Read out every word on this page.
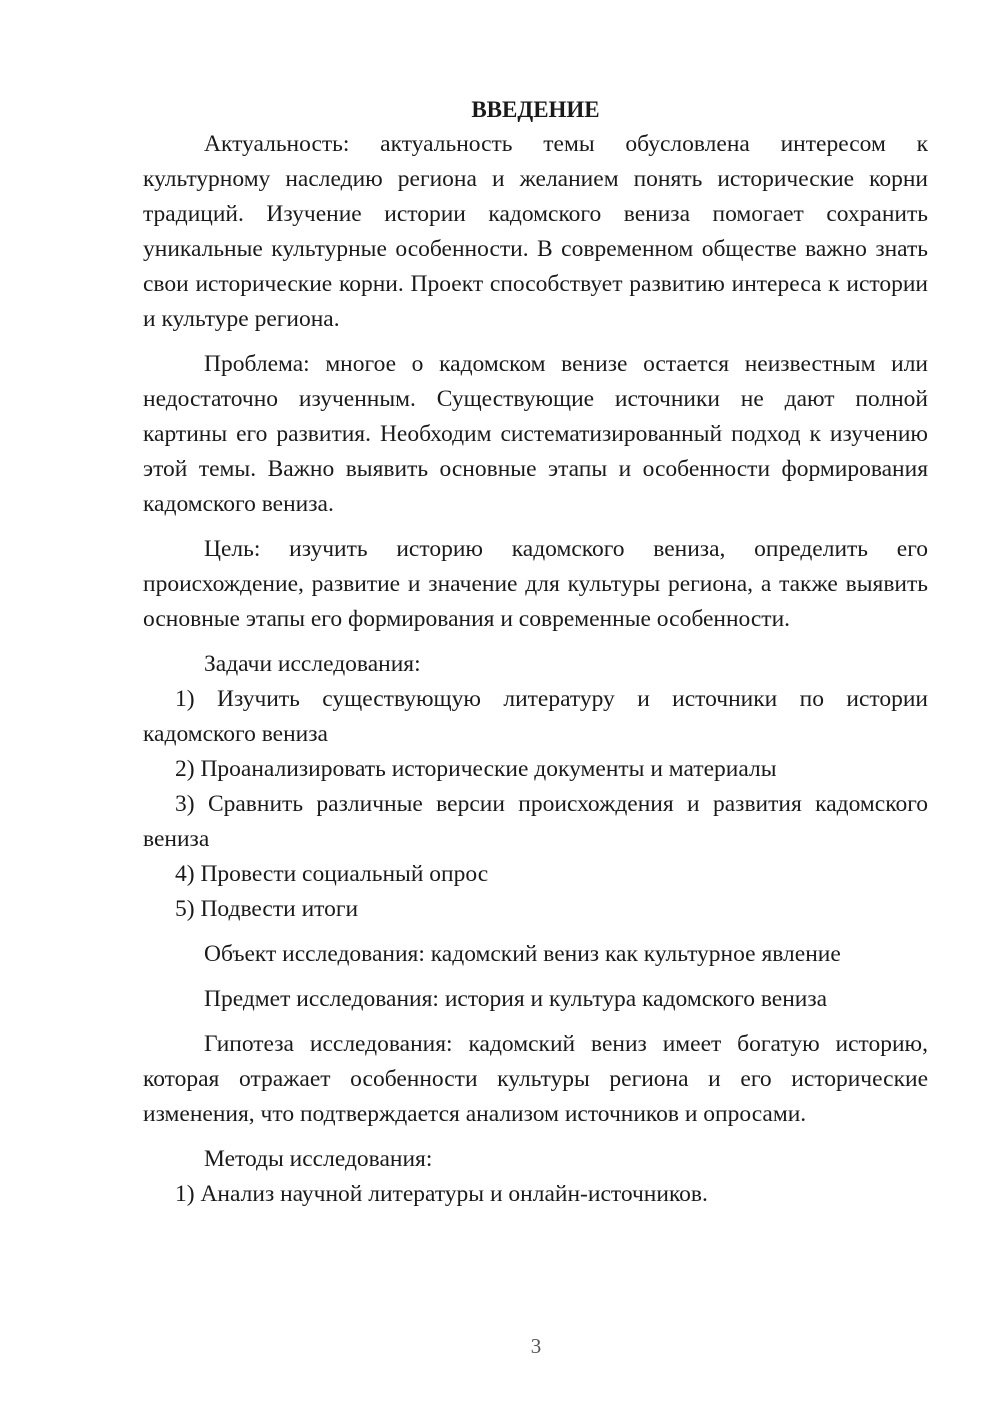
ВВЕДЕНИЕ

Актуальность: актуальность темы обусловлена интересом к культурному наследию региона и желанием понять исторические корни традиций. Изучение истории кадомского вениза помогает сохранить уникальные культурные особенности. В современном обществе важно знать свои исторические корни. Проект способствует развитию интереса к истории и культуре региона.

Проблема: многое о кадомском венизе остается неизвестным или недостаточно изученным. Существующие источники не дают полной картины его развития. Необходим систематизированный подход к изучению этой темы. Важно выявить основные этапы и особенности формирования кадомского вениза.

Цель: изучить историю кадомского вениза, определить его происхождение, развитие и значение для культуры региона, а также выявить основные этапы его формирования и современные особенности.

Задачи исследования:

1) Изучить существующую литературу и источники по истории кадомского вениза

2) Проанализировать исторические документы и материалы

3) Сравнить различные версии происхождения и развития кадомского вениза

4) Провести социальный опрос

5) Подвести итоги

Объект исследования: кадомский вениз как культурное явление

Предмет исследования: история и культура кадомского вениза

Гипотеза исследования: кадомский вениз имеет богатую историю, которая отражает особенности культуры региона и его исторические изменения, что подтверждается анализом источников и опросами.

Методы исследования:

1) Анализ научной литературы и онлайн-источников.

3
